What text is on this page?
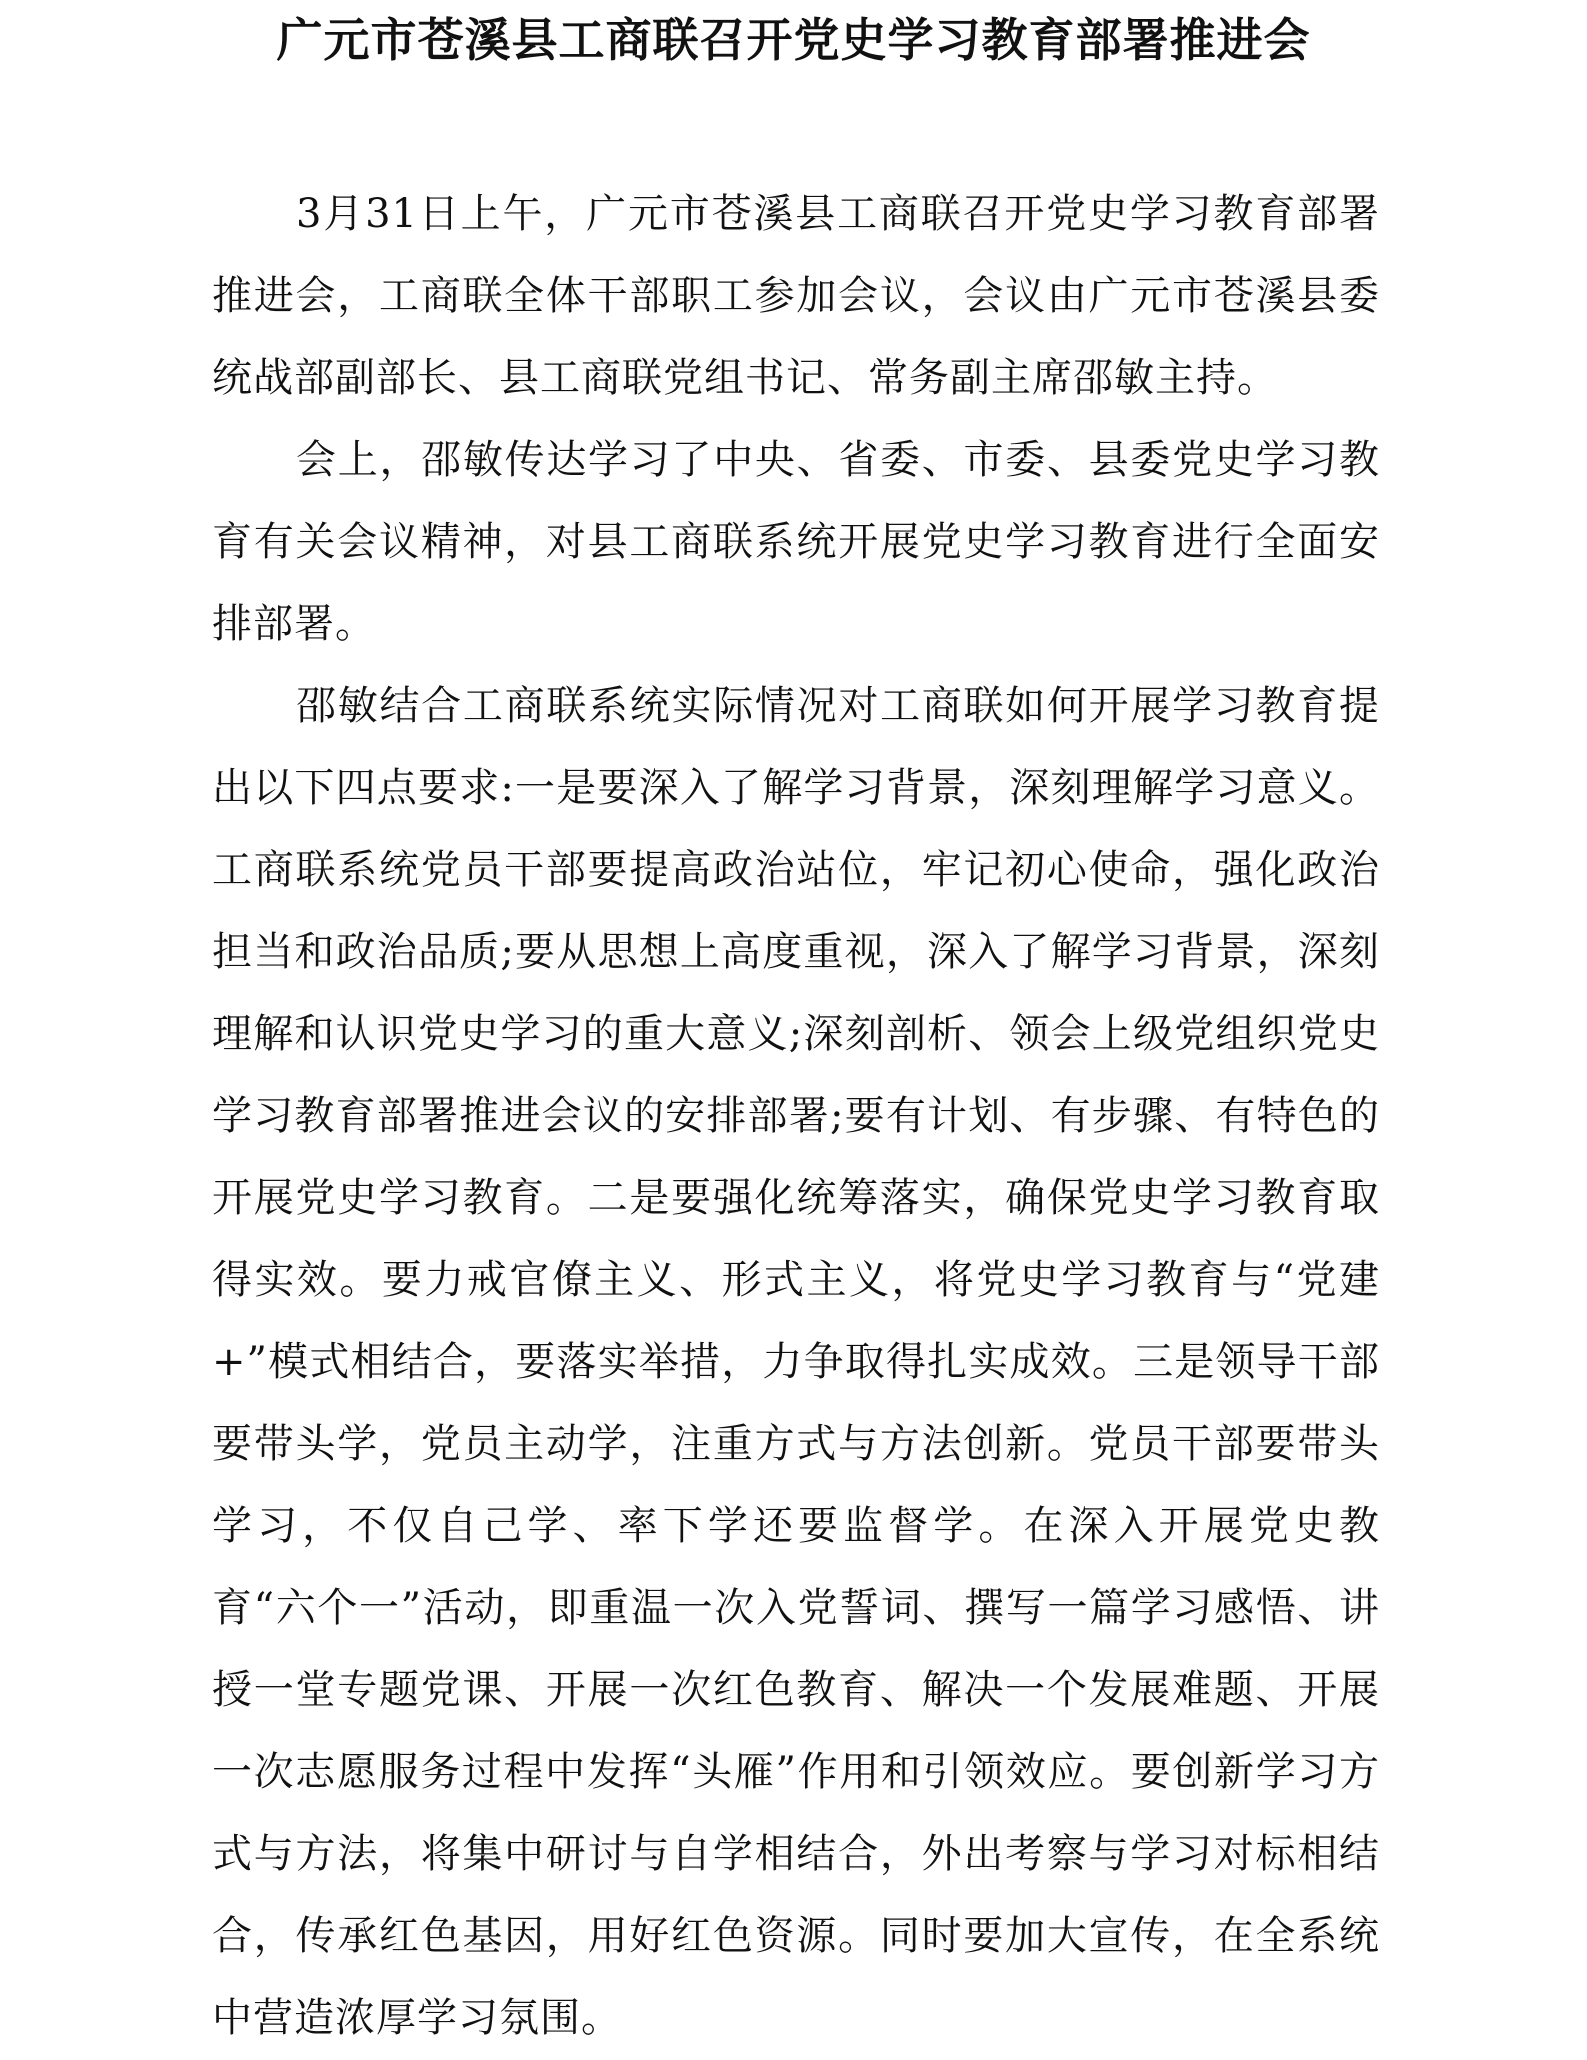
广元市苍溪县工商联召开党史学习教育部署推进会

3月31日上午，广元市苍溪县工商联召开党史学习教育部署推进会，工商联全体干部职工参加会议，会议由广元市苍溪县委统战部副部长、县工商联党组书记、常务副主席邵敏主持。

会上，邵敏传达学习了中央、省委、市委、县委党史学习教育有关会议精神，对县工商联系统开展党史学习教育进行全面安排部署。

邵敏结合工商联系统实际情况对工商联如何开展学习教育提出以下四点要求:一是要深入了解学习背景，深刻理解学习意义。工商联系统党员干部要提高政治站位，牢记初心使命，强化政治担当和政治品质;要从思想上高度重视，深入了解学习背景，深刻理解和认识党史学习的重大意义;深刻剖析、领会上级党组织党史学习教育部署推进会议的安排部署;要有计划、有步骤、有特色的开展党史学习教育。二是要强化统筹落实，确保党史学习教育取得实效。要力戒官僚主义、形式主义，将党史学习教育与“党建+”模式相结合，要落实举措，力争取得扎实成效。三是领导干部要带头学，党员主动学，注重方式与方法创新。党员干部要带头学习，不仅自己学、率下学还要监督学。在深入开展党史教育“六个一”活动，即重温一次入党誓词、撰写一篇学习感悟、讲授一堂专题党课、开展一次红色教育、解决一个发展难题、开展一次志愿服务过程中发挥“头雁”作用和引领效应。要创新学习方式与方法，将集中研讨与自学相结合，外出考察与学习对标相结合，传承红色基因，用好红色资源。同时要加大宣传，在全系统中营造浓厚学习氛围。
